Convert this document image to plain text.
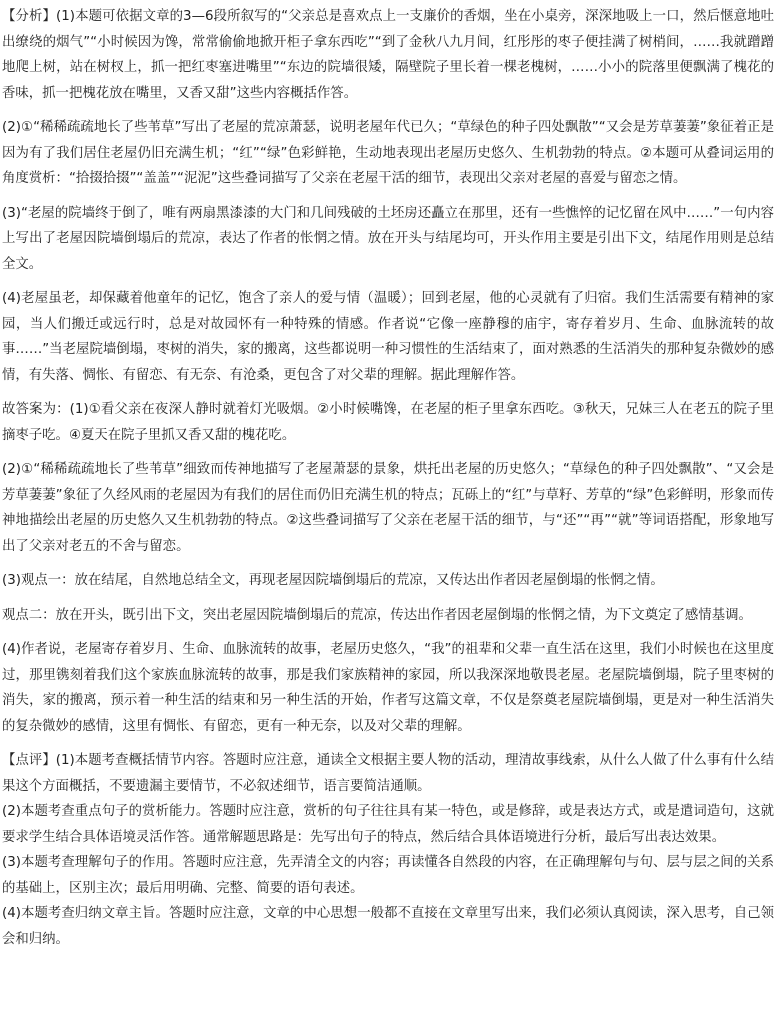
【分析】(1)本题可依据文章的3—6段所叙写的“父亲总是喜欢点上一支廉价的香烟，坐在小桌旁，深深地吸上一口，然后惬意地吐出缭绕的烟气”“小时候因为馋，常常偷偷地掀开柜子拿东西吃”“到了金秋八九月间，红彤彤的枣子便挂满了树梢间，……我就蹭蹭地爬上树，站在树杈上，抓一把红枣塞进嘴里”“东边的院墙很矮，隔壁院子里长着一棵老槐树，……小小的院落里便飘满了槐花的香味，抓一把槐花放在嘴里，又香又甜”这些内容概括作答。

(2)①“稀稀疏疏地长了些苇草”写出了老屋的荒凉萧瑟，说明老屋年代已久；“草绿色的种子四处飘散”“又会是芳草萋萋”象征着正是因为有了我们居住老屋仍旧充满生机；“红”“绿”色彩鲜艳，生动地表现出老屋历史悠久、生机勃勃的特点。②本题可从叠词运用的角度赏析：“拾掇拾掇”“盖盖”“泥泥”这些叠词描写了父亲在老屋干活的细节，表现出父亲对老屋的喜爱与留恋之情。

(3)“老屋的院墙终于倒了，唯有两扇黑漆漆的大门和几间残破的土坯房还矗立在那里，还有一些憔悴的记忆留在风中……”一句内容上写出了老屋因院墙倒塌后的荒凉，表达了作者的怅惘之情。放在开头与结尾均可，开头作用主要是引出下文，结尾作用则是总结全文。

(4)老屋虽老，却保藏着他童年的记忆，饱含了亲人的爱与情（温暖）；回到老屋，他的心灵就有了归宿。我们生活需要有精神的家园，当人们搬迁或远行时，总是对故园怀有一种特殊的情感。作者说“它像一座静穆的庙宇，寄存着岁月、生命、血脉流转的故事……”当老屋院墙倒塌，枣树的消失，家的搬离，这些都说明一种习惯性的生活结束了，面对熟悉的生活消失的那种复杂微妙的感情，有失落、惆怅、有留恋、有无奈、有沧桑，更包含了对父辈的理解。据此理解作答。

故答案为：(1)①看父亲在夜深人静时就着灯光吸烟。②小时候嘴馋，在老屋的柜子里拿东西吃。③秋天，兄妹三人在老五的院子里摘枣子吃。④夏天在院子里抓又香又甜的槐花吃。

(2)①“稀稀疏疏地长了些苇草”细致而传神地描写了老屋萧瑟的景象，烘托出老屋的历史悠久；“草绿色的种子四处飘散”、“又会是芳草萋萋”象征了久经风雨的老屋因为有我们的居住而仍旧充满生机的特点；瓦砾上的“红”与草籽、芳草的“绿”色彩鲜明，形象而传神地描绘出老屋的历史悠久又生机勃勃的特点。②这些叠词描写了父亲在老屋干活的细节，与“还”“再”“就”等词语搭配，形象地写出了父亲对老五的不舍与留恋。

(3)观点一：放在结尾，自然地总结全文，再现老屋因院墙倒塌后的荒凉，又传达出作者因老屋倒塌的怅惘之情。

观点二：放在开头，既引出下文，突出老屋因院墙倒塌后的荒凉，传达出作者因老屋倒塌的怅惘之情，为下文奠定了感情基调。

(4)作者说，老屋寄存着岁月、生命、血脉流转的故事，老屋历史悠久，“我”的祖辈和父辈一直生活在这里，我们小时候也在这里度过，那里镌刻着我们这个家族血脉流转的故事，那是我们家族精神的家园，所以我深深地敬畏老屋。老屋院墙倒塌，院子里枣树的消失，家的搬离，预示着一种生活的结束和另一种生活的开始，作者写这篇文章，不仅是祭奠老屋院墙倒塌，更是对一种生活消失的复杂微妙的感情，这里有惆怅、有留恋，更有一种无奈，以及对父辈的理解。

【点评】(1)本题考查概括情节内容。答题时应注意，通读全文根据主要人物的活动，理清故事线索，从什么人做了什么事有什么结果这个方面概括，不要遗漏主要情节，不必叙述细节，语言要简洁通顺。

(2)本题考查重点句子的赏析能力。答题时应注意，赏析的句子往往具有某一特色，或是修辞，或是表达方式，或是遣词造句，这就要求学生结合具体语境灵活作答。通常解题思路是：先写出句子的特点，然后结合具体语境进行分析，最后写出表达效果。

(3)本题考查理解句子的作用。答题时应注意，先弄清全文的内容；再读懂各自然段的内容，在正确理解句与句、层与层之间的关系的基础上，区别主次；最后用明确、完整、简要的语句表述。

(4)本题考查归纳文章主旨。答题时应注意，文章的中心思想一般都不直接在文章里写出来，我们必须认真阅读，深入思考，自己领会和归纳。
